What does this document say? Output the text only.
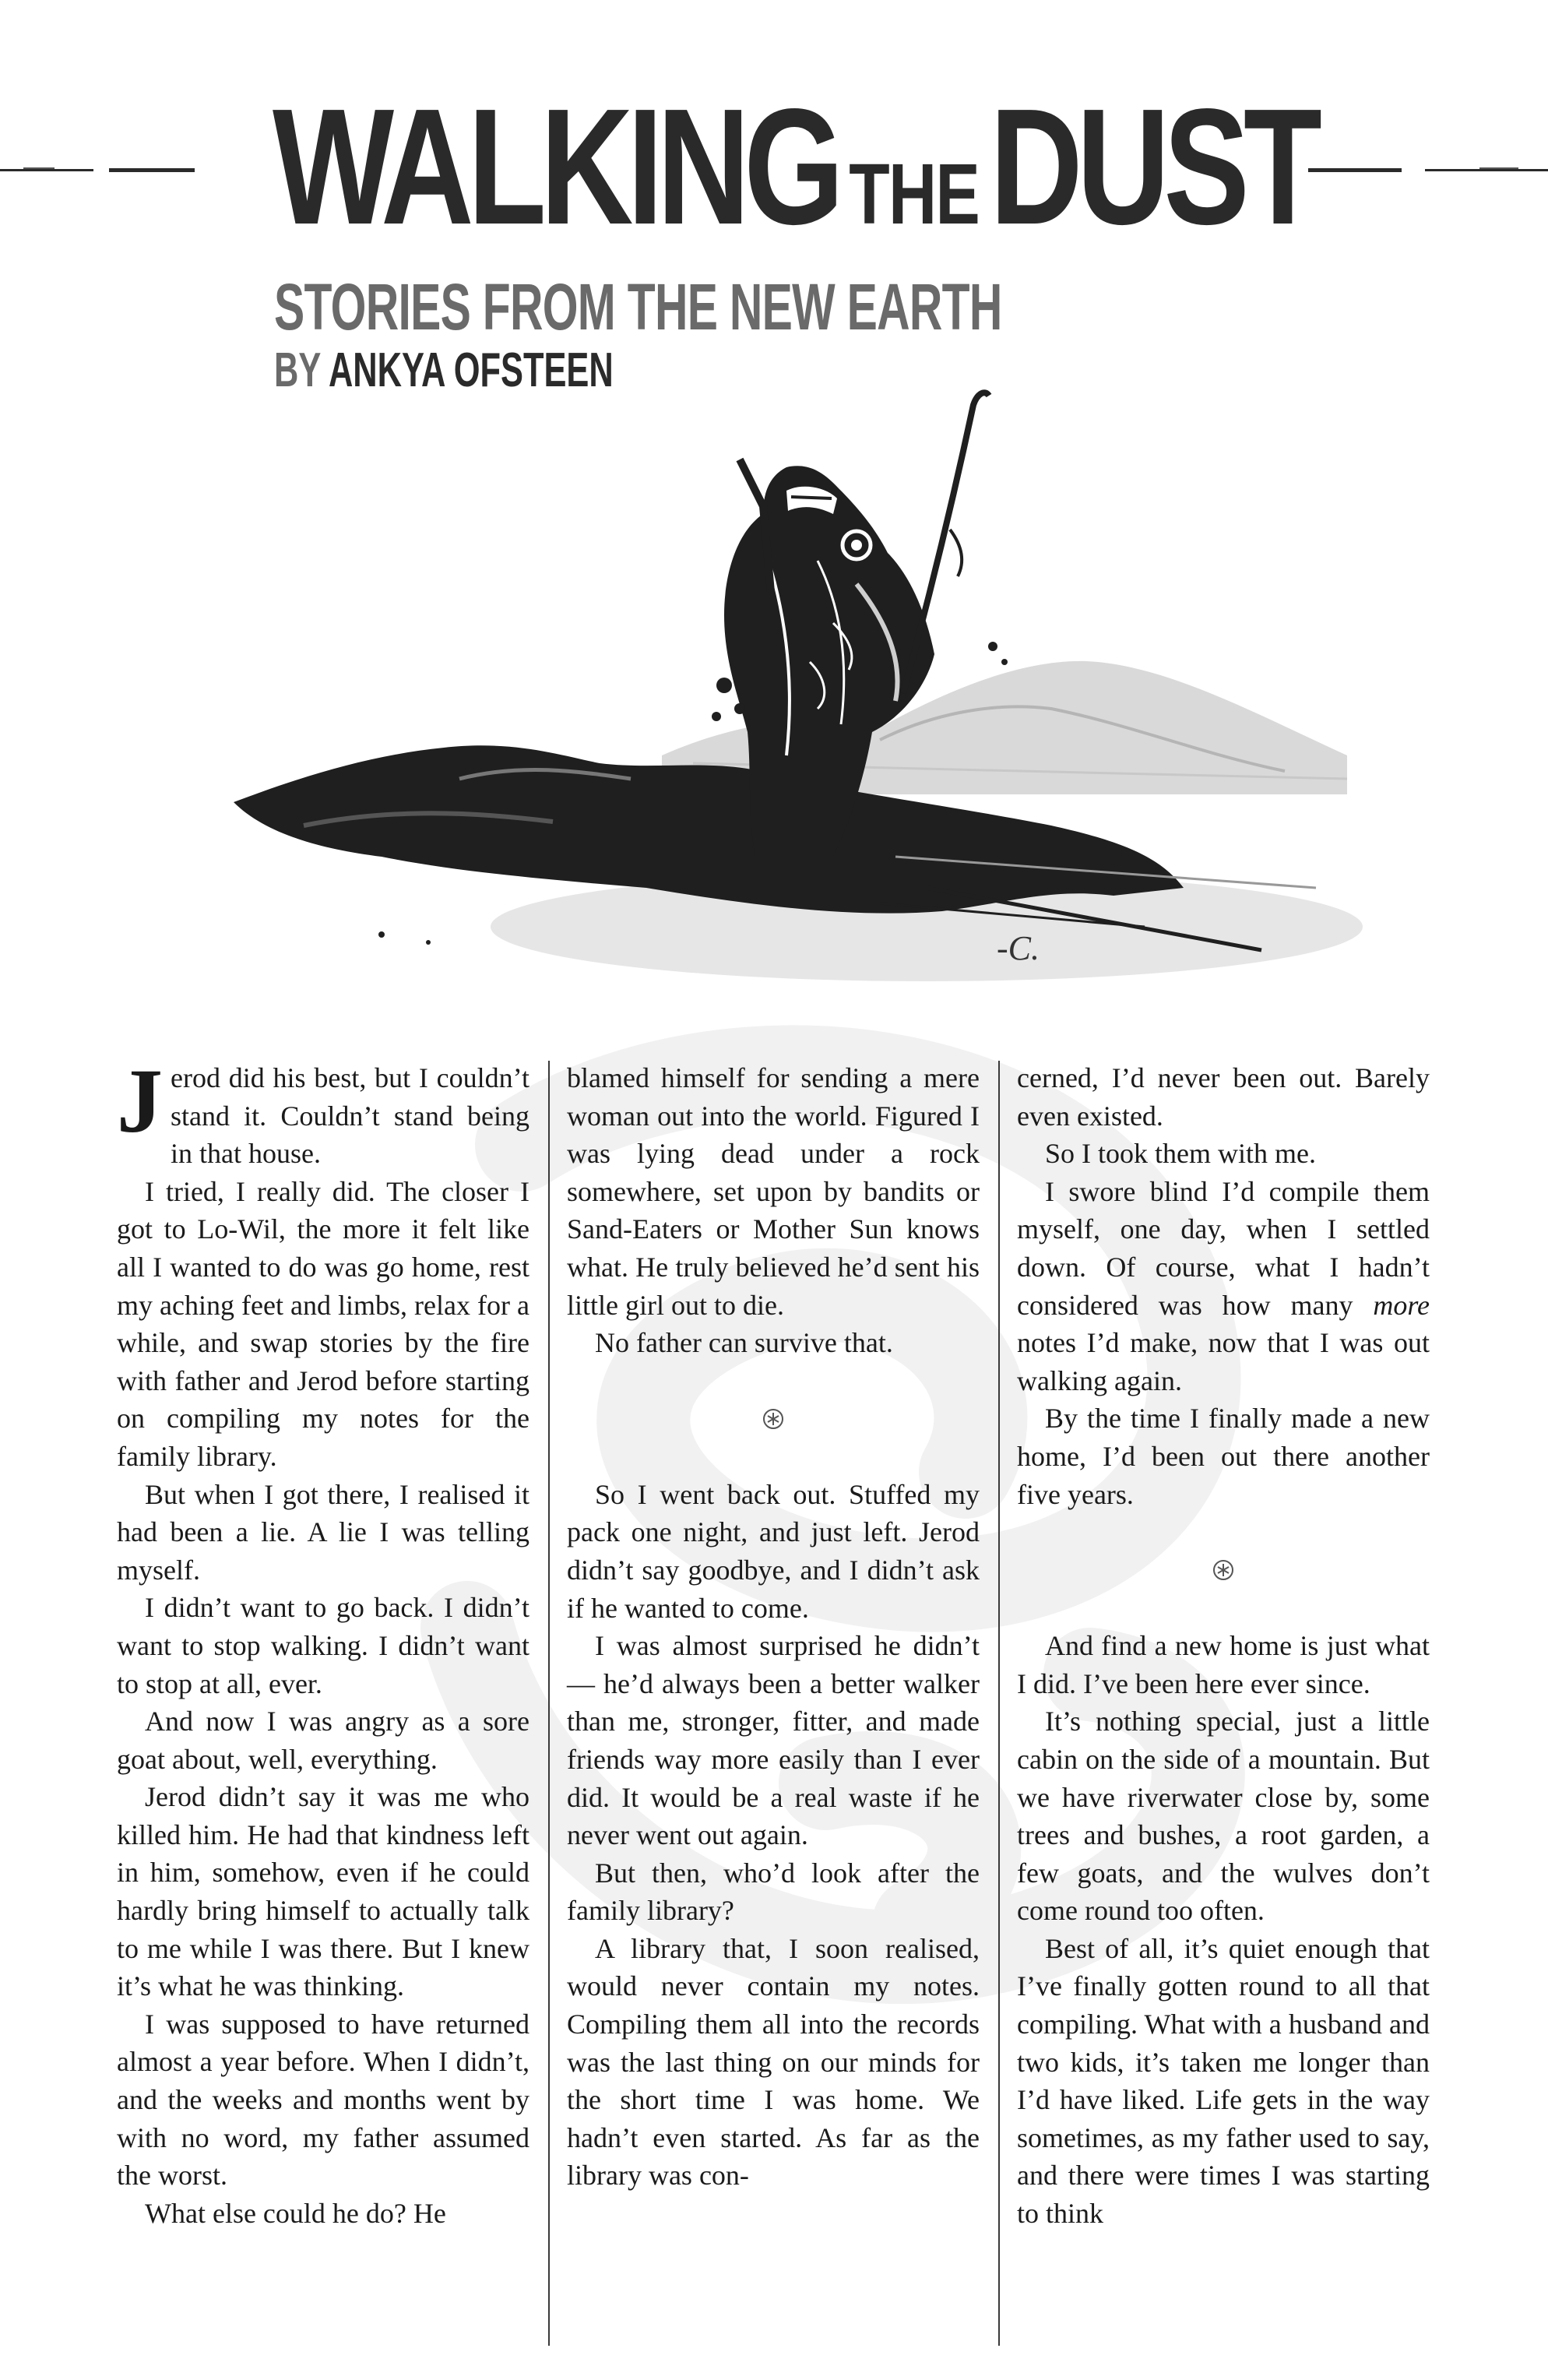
WALKING THEDUST
STORIES FROM THE NEW EARTH
BY ANKYA OFSTEEN
-C.

Jerod did his best, but I couldn’t stand it. Couldn’t stand being in that house.

I tried, I really did. The closer I got to Lo-Wil, the more it felt like all I wanted to do was go home, rest my aching feet and limbs, relax for a while, and swap stories by the fire with father and Jerod before starting on compiling my notes for the family library.

But when I got there, I realised it had been a lie. A lie I was telling myself.

I didn’t want to go back. I didn’t want to stop walking. I didn’t want to stop at all, ever.

And now I was angry as a sore goat about, well, everything.

Jerod didn’t say it was me who killed him. He had that kindness left in him, somehow, even if he could hardly bring himself to actually talk to me while I was there. But I knew it’s what he was thinking.

I was supposed to have returned almost a year before. When I didn’t, and the weeks and months went by with no word, my father assumed the worst.

What else could he do? He

blamed himself for sending a mere woman out into the world. Figured I was lying dead under a rock somewhere, set upon by bandits or Sand-Eaters or Mother Sun knows what. He truly believed he’d sent his little girl out to die.

No father can survive that.

So I went back out. Stuffed my pack one night, and just left. Jerod didn’t say goodbye, and I didn’t ask if he wanted to come.

I was almost surprised he didn’t — he’d always been a better walker than me, stronger, fitter, and made friends way more easily than I ever did. It would be a real waste if he never went out again.

But then, who’d look after the family library?

A library that, I soon realised, would never contain my notes. Compiling them all into the records was the last thing on our minds for the short time I was home. We hadn’t even started. As far as the library was con-

cerned, I’d never been out. Barely even existed.

So I took them with me.

I swore blind I’d compile them myself, one day, when I settled down. Of course, what I hadn’t considered was how many more notes I’d make, now that I was out walking again.

By the time I finally made a new home, I’d been out there another five years.

And find a new home is just what I did. I’ve been here ever since.

It’s nothing special, just a little cabin on the side of a mountain. But we have riverwater close by, some trees and bushes, a root garden, a few goats, and the wulves don’t come round too often.

Best of all, it’s quiet enough that I’ve finally gotten round to all that compiling. What with a husband and two kids, it’s taken me longer than I’d have liked. Life gets in the way sometimes, as my father used to say, and there were times I was starting to think
